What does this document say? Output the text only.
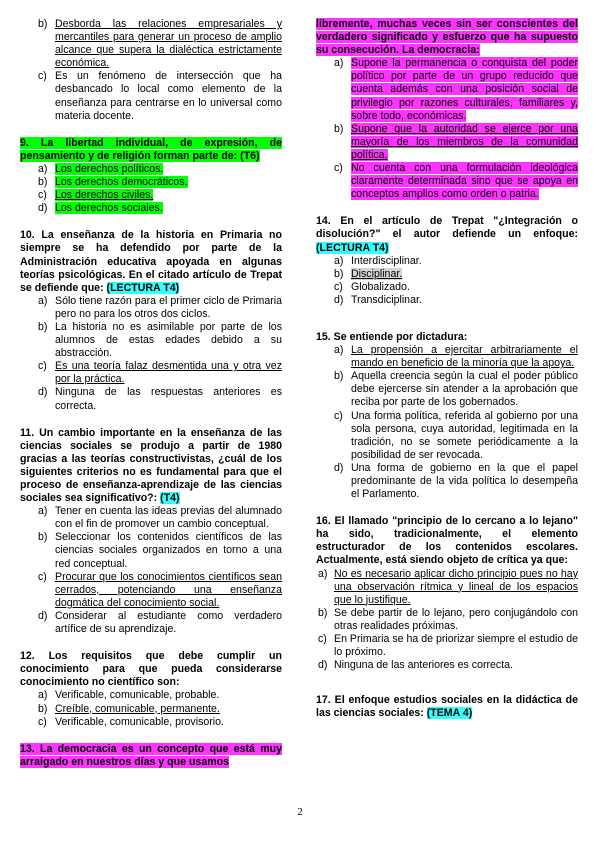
b) Desborda las relaciones empresariales y mercantiles para generar un proceso de amplio alcance que supera la dialéctica estrictamente económica.
c) Es un fenómeno de intersección que ha desbancado lo local como elemento de la enseñanza para centrarse en lo universal como materia docente.
9. La libertad individual, de expresión, de pensamiento y de religión forman parte de: (T6)
a) Los derechos políticos.
b) Los derechos democráticos.
c) Los derechos civiles.
d) Los derechos sociales.
10. La enseñanza de la historia en Primaria no siempre se ha defendido por parte de la Administración educativa apoyada en algunas teorías psicológicas. En el citado artículo de Trepat se defiende que: (LECTURA T4)
a) Sólo tiene razón para el primer ciclo de Primaria pero no para los otros dos ciclos.
b) La historia no es asimilable por parte de los alumnos de estas edades debido a su abstracción.
c) Es una teoría falaz desmentida una y otra vez por la práctica.
d) Ninguna de las respuestas anteriores es correcta.
11. Un cambio importante en la enseñanza de las ciencias sociales se produjo a partir de 1980 gracias a las teorías constructivistas, ¿cuál de los siguientes criterios no es fundamental para que el proceso de enseñanza-aprendizaje de las ciencias sociales sea significativo?: (T4)
a) Tener en cuenta las ideas previas del alumnado con el fin de promover un cambio conceptual.
b) Seleccionar los contenidos científicos de las ciencias sociales organizados en torno a una red conceptual.
c) Procurar que los conocimientos científicos sean cerrados, potenciando una enseñanza dogmática del conocimiento social.
d) Considerar al estudiante como verdadero artífice de su aprendizaje.
12. Los requisitos que debe cumplir un conocimiento para que pueda considerarse conocimiento no científico son:
a) Verificable, comunicable, probable.
b) Creíble, comunicable, permanente.
c) Verificable, comunicable, provisorio.
13. La democracia es un concepto que está muy arraigado en nuestros días y que usamos
libremente, muchas veces sin ser conscientes del verdadero significado y esfuerzo que ha supuesto su consecución. La democracia:
a) Supone la permanencia o conquista del poder político por parte de un grupo reducido que cuenta además con una posición social de privilegio por razones culturales, familiares y, sobre todo, económicas.
b) Supone que la autoridad se ejerce por una mayoría de los miembros de la comunidad política.
c) No cuenta con una formulación ideológica claramente determinada sino que se apoya en conceptos amplios como orden o patria.
14. En el artículo de Trepat "¿Integración o disolución?" el autor defiende un enfoque: (LECTURA T4)
a) Interdisciplinar.
b) Disciplinar.
c) Globalizado.
d) Transdiciplinar.
15. Se entiende por dictadura:
a) La propensión a ejercitar arbitrariamente el mando en beneficio de la minoría que la apoya.
b) Aquella creencia según la cual el poder público debe ejercerse sin atender a la aprobación que reciba por parte de los gobernados.
c) Una forma política, referida al gobierno por una sola persona, cuya autoridad, legitimada en la tradición, no se somete periódicamente a la posibilidad de ser revocada.
d) Una forma de gobierno en la que el papel predominante de la vida política lo desempeña el Parlamento.
16. El llamado "principio de lo cercano a lo lejano" ha sido, tradicionalmente, el elemento estructurador de los contenidos escolares. Actualmente, está siendo objeto de crítica ya que:
a) No es necesario aplicar dicho principio pues no hay una observación rítmica y lineal de los espacios que lo justifique.
b) Se debe partir de lo lejano, pero conjugándolo con otras realidades próximas.
c) En Primaria se ha de priorizar siempre el estudio de lo próximo.
d) Ninguna de las anteriores es correcta.
17. El enfoque estudios sociales en la didáctica de las ciencias sociales: (TEMA 4)
2
